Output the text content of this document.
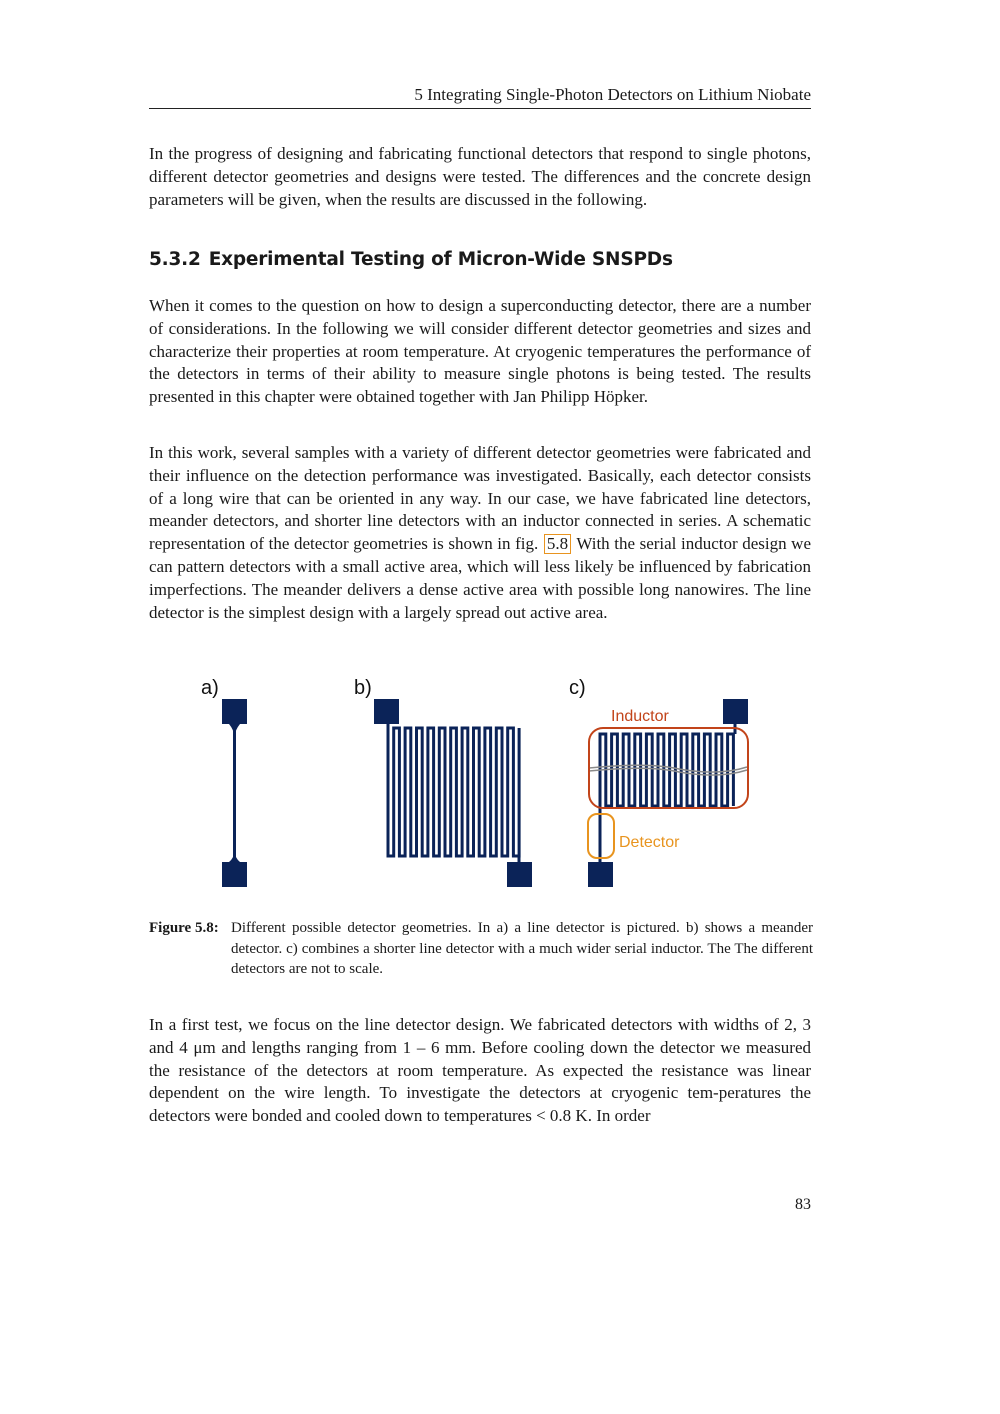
5 Integrating Single-Photon Detectors on Lithium Niobate

In the progress of designing and fabricating functional detectors that respond to single photons, different detector geometries and designs were tested. The differences and the concrete design parameters will be given, when the results are discussed in the following.

5.3.2 Experimental Testing of Micron-Wide SNSPDs

When it comes to the question on how to design a superconducting detector, there are a number of considerations. In the following we will consider different detector geometries and sizes and characterize their properties at room temperature. At cryogenic temperatures the performance of the detectors in terms of their ability to measure single photons is being tested. The results presented in this chapter were obtained together with Jan Philipp Höpker.

In this work, several samples with a variety of different detector geometries were fabricated and their influence on the detection performance was investigated. Basically, each detector consists of a long wire that can be oriented in any way. In our case, we have fabricated line detectors, meander detectors, and shorter line detectors with an inductor connected in series. A schematic representation of the detector geometries is shown in fig. 5.8 With the serial inductor design we can pattern detectors with a small active area, which will less likely be influenced by fabrication imperfections. The meander delivers a dense active area with possible long nanowires. The line detector is the simplest design with a largely spread out active area.

a)	b)	c)
Inductor
Detector
Figure 5.8: Different possible detector geometries. In a) a line detector is pictured. b) shows a meander detector. c) combines a shorter line detector with a much wider serial inductor. The The different detectors are not to scale.

In a first test, we focus on the line detector design. We fabricated detectors with widths of 2, 3 and 4 μm and lengths ranging from 1 – 6 mm. Before cooling down the detector we measured the resistance of the detectors at room temperature. As expected the resistance was linear dependent on the wire length. To investigate the detectors at cryogenic tem-peratures the detectors were bonded and cooled down to temperatures < 0.8 K. In order

83
